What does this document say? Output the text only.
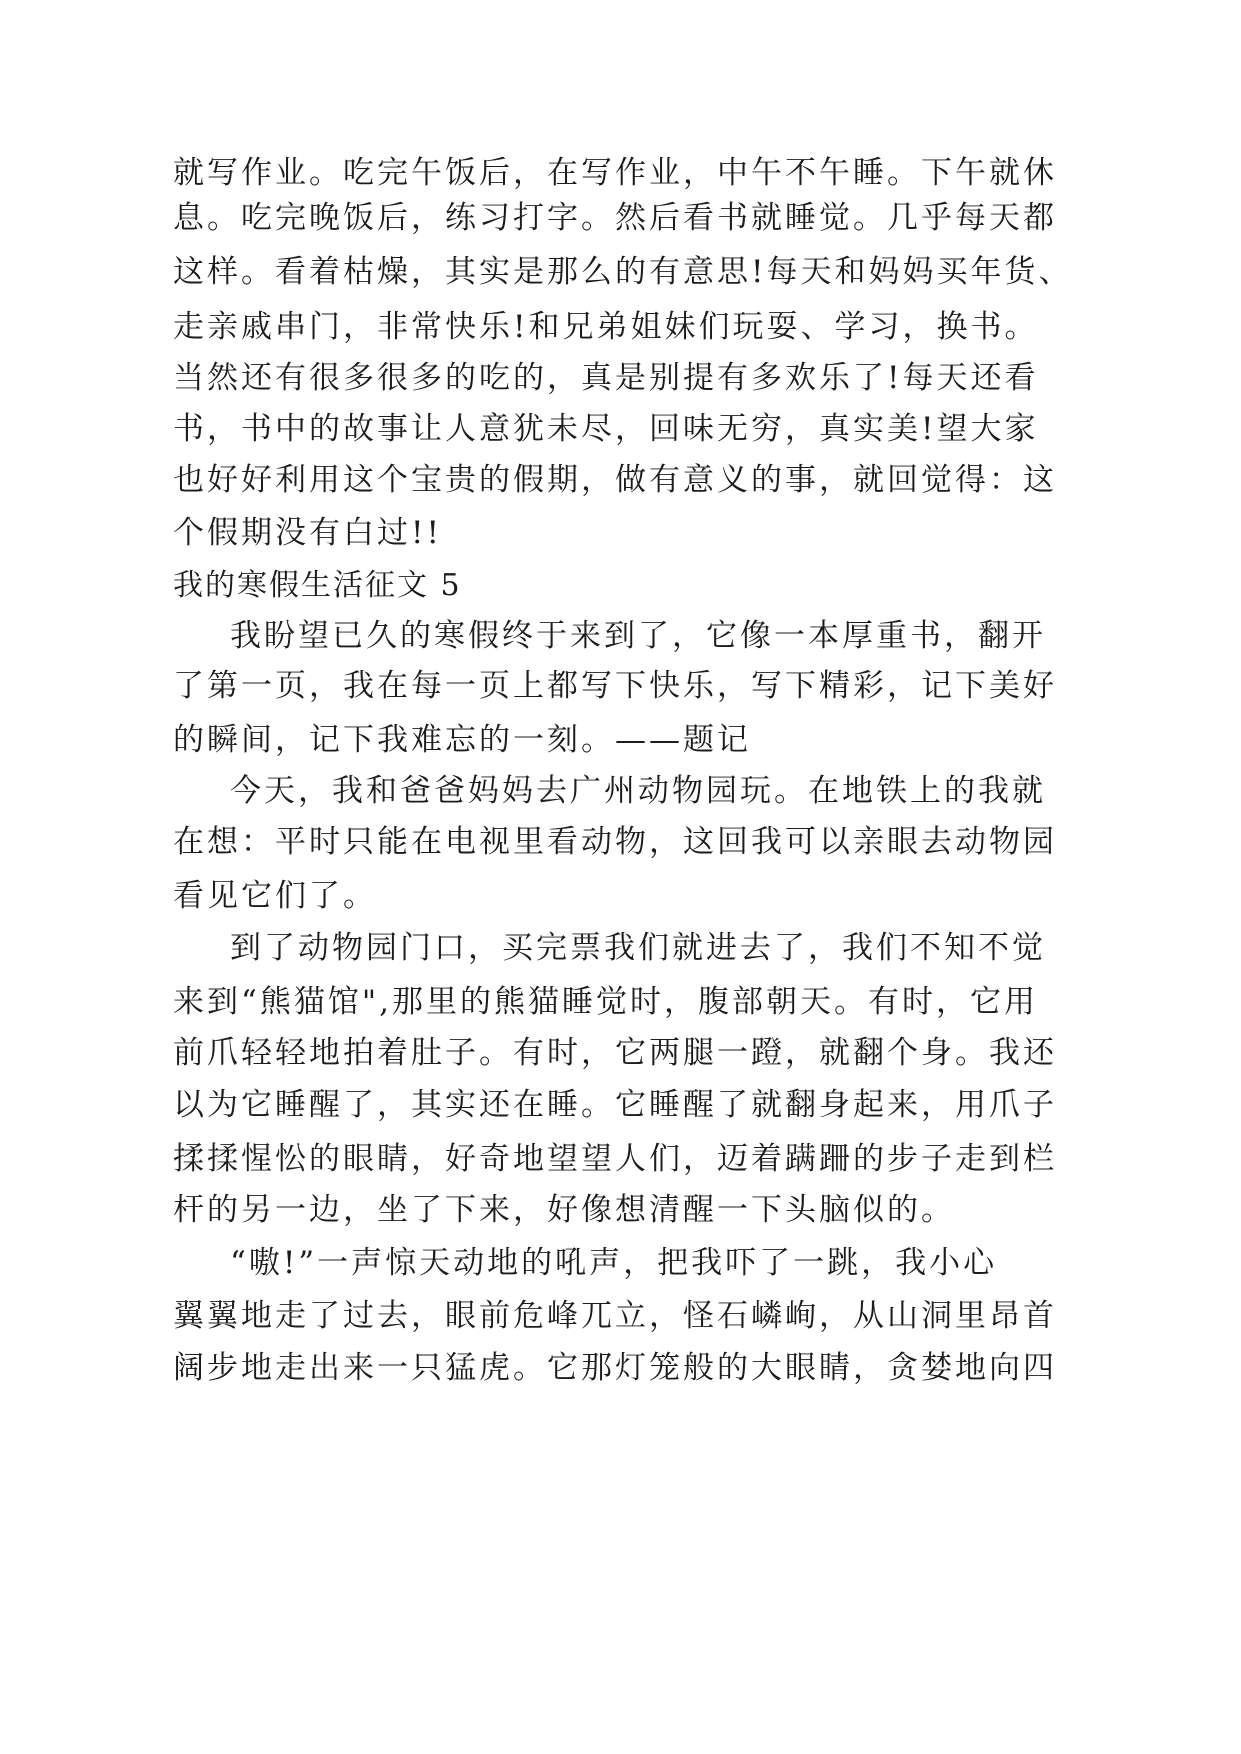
就写作业。吃完午饭后，在写作业，中午不午睡。下午就休
息。吃完晚饭后，练习打字。然后看书就睡觉。几乎每天都
这样。看着枯燥，其实是那么的有意思!每天和妈妈买年货、
走亲戚串门，非常快乐!和兄弟姐妹们玩耍、学习，换书。
当然还有很多很多的吃的，真是别提有多欢乐了!每天还看
书，书中的故事让人意犹未尽，回味无穷，真实美!望大家
也好好利用这个宝贵的假期，做有意义的事，就回觉得：这
个假期没有白过!!
我的寒假生活征文 5
我盼望已久的寒假终于来到了，它像一本厚重书，翻开
了第一页，我在每一页上都写下快乐，写下精彩，记下美好
的瞬间，记下我难忘的一刻。——题记
今天，我和爸爸妈妈去广州动物园玩。在地铁上的我就
在想：平时只能在电视里看动物，这回我可以亲眼去动物园
看见它们了。
到了动物园门口，买完票我们就进去了，我们不知不觉
来到“熊猫馆",那里的熊猫睡觉时，腹部朝天。有时，它用
前爪轻轻地拍着肚子。有时，它两腿一蹬，就翻个身。我还
以为它睡醒了，其实还在睡。它睡醒了就翻身起来，用爪子
揉揉惺忪的眼睛，好奇地望望人们，迈着蹒跚的步子走到栏
杆的另一边，坐了下来，好像想清醒一下头脑似的。
“嗷!”一声惊天动地的吼声，把我吓了一跳，我小心
翼翼地走了过去，眼前危峰兀立，怪石嶙峋，从山洞里昂首
阔步地走出来一只猛虎。它那灯笼般的大眼睛，贪婪地向四
